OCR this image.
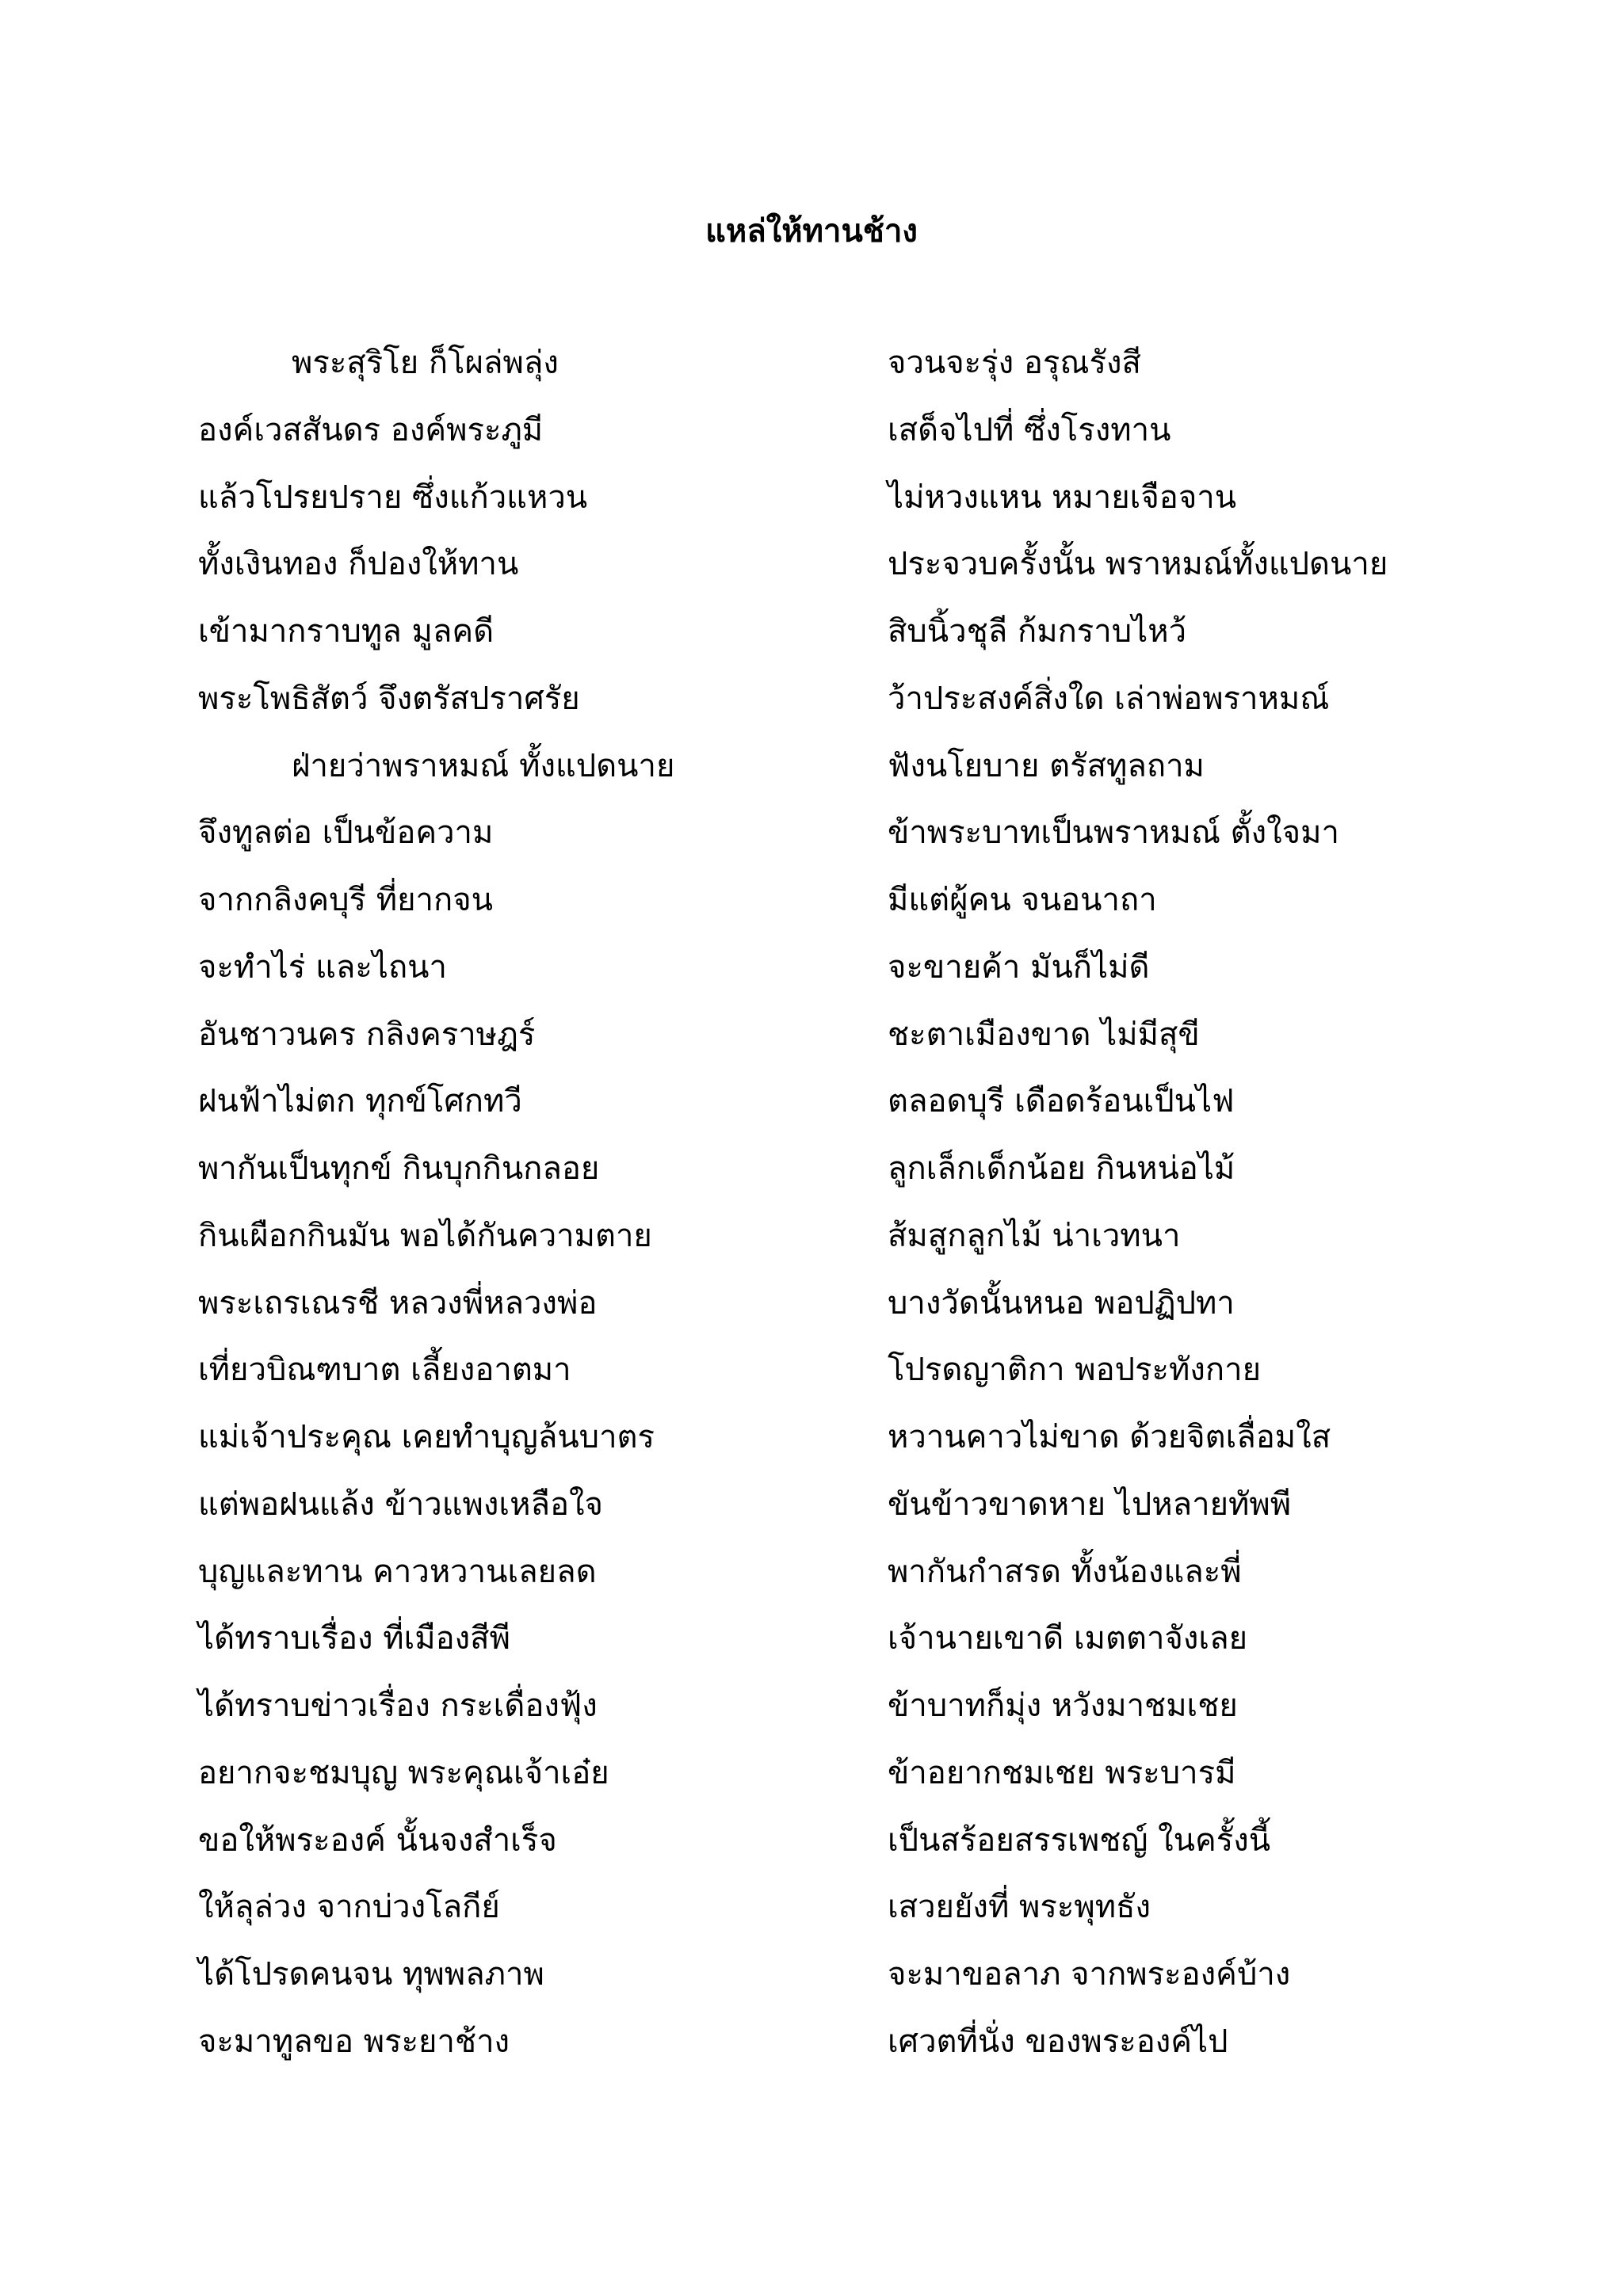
แหล่ให้ทานช้าง
พระสุริโย ก็โผล่พลุ่ง	จวนจะรุ่ง อรุณรังสี
องค์เวสสันดร องค์พระภูมี	เสด็จไปที่ ซึ่งโรงทาน
แล้วโปรยปราย ซึ่งแก้วแหวน	ไม่หวงแหน หมายเจือจาน
ทั้งเงินทอง ก็ปองให้ทาน	ประจวบครั้งนั้น พราหมณ์ทั้งแปดนาย
เข้ามากราบทูล มูลคดี	สิบนิ้วชุลี ก้มกราบไหว้
พระโพธิสัตว์ จึงตรัสปราศรัย	ว้าประสงค์สิ่งใด เล่าพ่อพราหมณ์
ฝ่ายว่าพราหมณ์ ทั้งแปดนาย	ฟังนโยบาย ตรัสทูลถาม
จึงทูลต่อ เป็นข้อความ	ข้าพระบาทเป็นพราหมณ์ ตั้งใจมา
จากกลิงคบุรี ที่ยากจน	มีแต่ผู้คน จนอนาถา
จะทำไร่ และไถนา	จะขายค้า มันก็ไม่ดี
อันชาวนคร กลิงคราษฎร์	ชะตาเมืองขาด ไม่มีสุขี
ฝนฟ้าไม่ตก ทุกข์โศกทวี	ตลอดบุรี เดือดร้อนเป็นไฟ
พากันเป็นทุกข์ กินบุกกินกลอย	ลูกเล็กเด็กน้อย กินหน่อไม้
กินเผือกกินมัน พอได้กันความตาย	ส้มสูกลูกไม้ น่าเวทนา
พระเถรเณรชี หลวงพี่หลวงพ่อ	บางวัดนั้นหนอ พอปฏิปทา
เที่ยวบิณฑบาต เลี้ยงอาตมา	โปรดญาติกา พอประทังกาย
แม่เจ้าประคุณ เคยทำบุญล้นบาตร	หวานคาวไม่ขาด ด้วยจิตเลื่อมใส
แต่พอฝนแล้ง ข้าวแพงเหลือใจ	ขันข้าวขาดหาย ไปหลายทัพพี
บุญและทาน คาวหวานเลยลด	พากันกำสรด ทั้งน้องและพี่
ได้ทราบเรื่อง ที่เมืองสีพี	เจ้านายเขาดี เมตตาจังเลย
ได้ทราบข่าวเรื่อง กระเดื่องฟุ้ง	ข้าบาทก็มุ่ง หวังมาชมเชย
อยากจะชมบุญ พระคุณเจ้าเอ๋ย	ข้าอยากชมเชย พระบารมี
ขอให้พระองค์ นั้นจงสำเร็จ	เป็นสร้อยสรรเพชญ์ ในครั้งนี้
ให้ลุล่วง จากบ่วงโลกีย์	เสวยยังที่ พระพุทธัง
ได้โปรดคนจน ทุพพลภาพ	จะมาขอลาภ จากพระองค์บ้าง
จะมาทูลขอ พระยาช้าง	เศวตที่นั่ง ของพระองค์ไป
